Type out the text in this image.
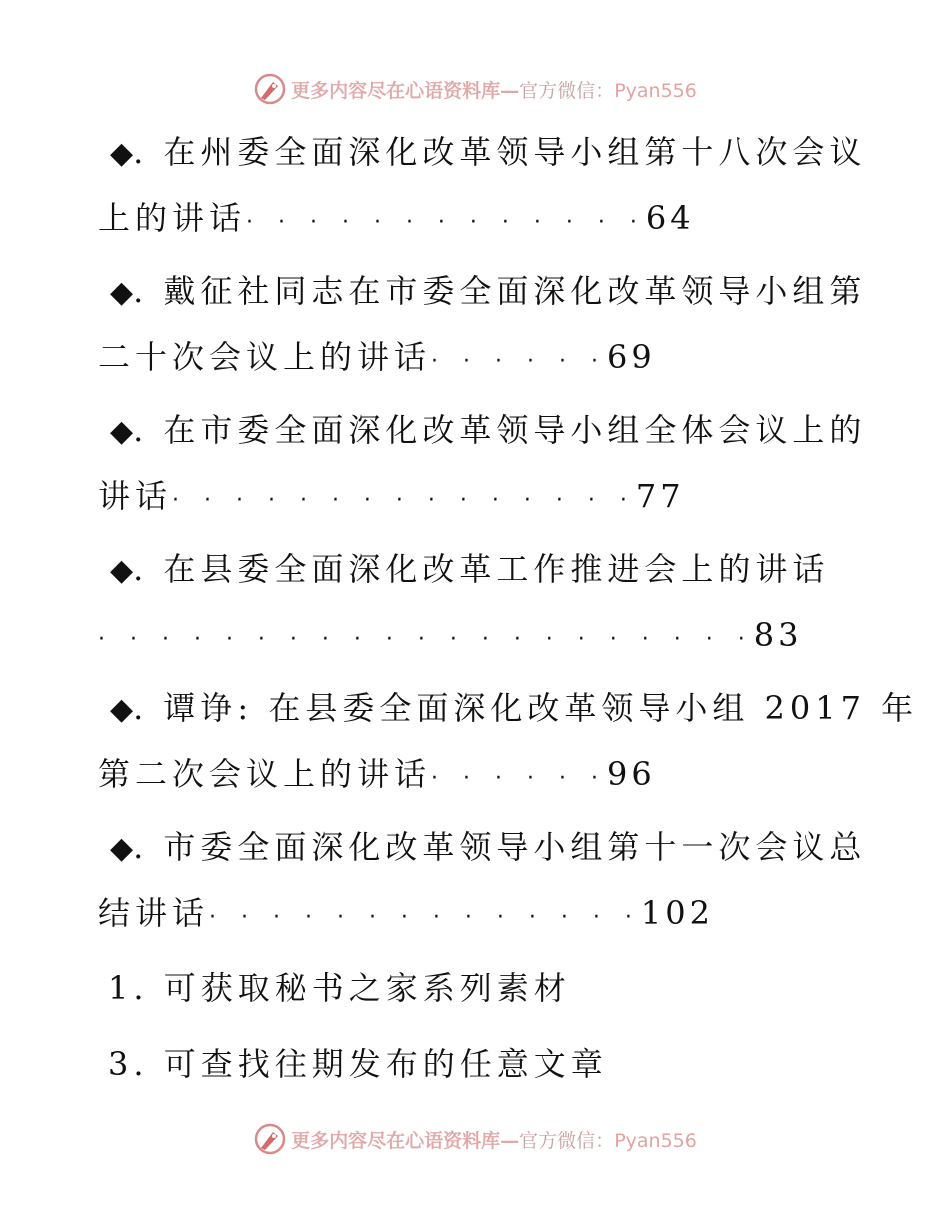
更多内容尽在心语资料库—官方微信：Pyan556
◆. 在州委全面深化改革领导小组第十八次会议
上的讲话· · · · · · · · · · · · ·64
◆. 戴征社同志在市委全面深化改革领导小组第
二十次会议上的讲话· · · · · ·69
◆. 在市委全面深化改革领导小组全体会议上的
讲话· · · · · · · · · · · · · · ·77
◆. 在县委全面深化改革工作推进会上的讲话
· · · · · · · · · · · · · · · · · · · · ·83
◆. 谭诤: 在县委全面深化改革领导小组 2017 年
第二次会议上的讲话· · · · · ·96
◆. 市委全面深化改革领导小组第十一次会议总
结讲话· · · · · · · · · · · · · ·102
1. 可获取秘书之家系列素材
3. 可查找往期发布的任意文章
更多内容尽在心语资料库—官方微信：Pyan556
